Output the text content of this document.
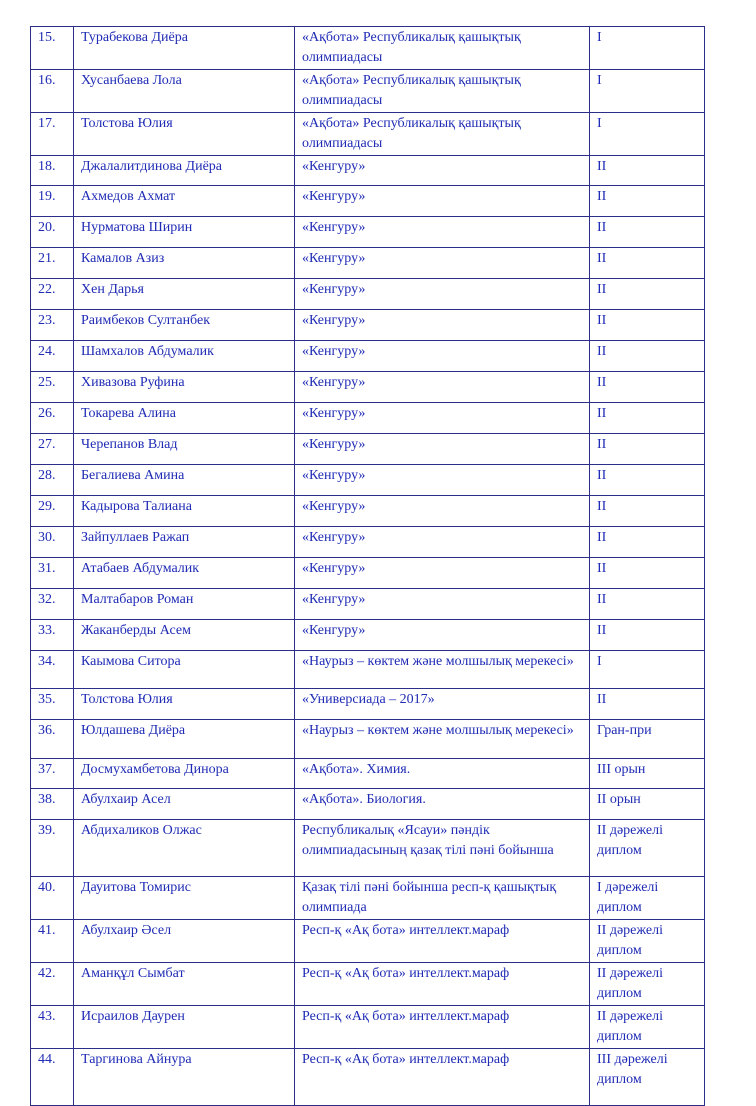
15.	Турабекова Диёра	«Ақбота» Республикалық қашықтық олимпиадасы	I
16.	Хусанбаева Лола	«Ақбота» Республикалық қашықтық олимпиадасы	I
17.	Толстова Юлия	«Ақбота» Республикалық қашықтық олимпиадасы	I
18.	Джалалитдинова Диёра	«Кенгуру»	II
19.	Ахмедов Ахмат	«Кенгуру»	II
20.	Нурматова Ширин	«Кенгуру»	II
21.	Камалов Азиз	«Кенгуру»	II
22.	Хен Дарья	«Кенгуру»	II
23.	Раимбеков Султанбек	«Кенгуру»	II
24.	Шамхалов Абдумалик	«Кенгуру»	II
25.	Хивазова Руфина	«Кенгуру»	II
26.	Токарева Алина	«Кенгуру»	II
27.	Черепанов Влад	«Кенгуру»	II
28.	Бегалиева Амина	«Кенгуру»	II
29.	Кадырова Талиана	«Кенгуру»	II
30.	Зайпуллаев Ражап	«Кенгуру»	II
31.	Атабаев Абдумалик	«Кенгуру»	II
32.	Малтабаров Роман	«Кенгуру»	II
33.	Жаканберды Асем	«Кенгуру»	II
34.	Каымова Ситора	«Наурыз – көктем және молшылық мерекесі»	I
35.	Толстова Юлия	«Универсиада – 2017»	II
36.	Юлдашева Диёра	«Наурыз – көктем және молшылық мерекесі»	Гран-при
37.	Досмухамбетова Динора	«Ақбота». Химия.	III орын
38.	Абулхаир Асел	«Ақбота». Биология.	II орын
39.	Абдихаликов Олжас	Республикалық «Ясауи» пәндік олимпиадасының қазақ тілі пәні бойынша	II дәрежелі диплом
40.	Дауитова Томирис	Қазақ тілі пәні бойынша респ-қ қашықтық олимпиада	I дәрежелі диплом
41.	Абулхаир Әсел	Респ-қ «Ақ бота» интеллект.мараф	II дәрежелі диплом
42.	Аманқұл Сымбат	Респ-қ «Ақ бота» интеллект.мараф	II дәрежелі диплом
43.	Исраилов Даурен	Респ-қ «Ақ бота» интеллект.мараф	II дәрежелі диплом
44.	Таргинова Айнура	Респ-қ «Ақ бота» интеллект.мараф	III дәрежелі диплом
